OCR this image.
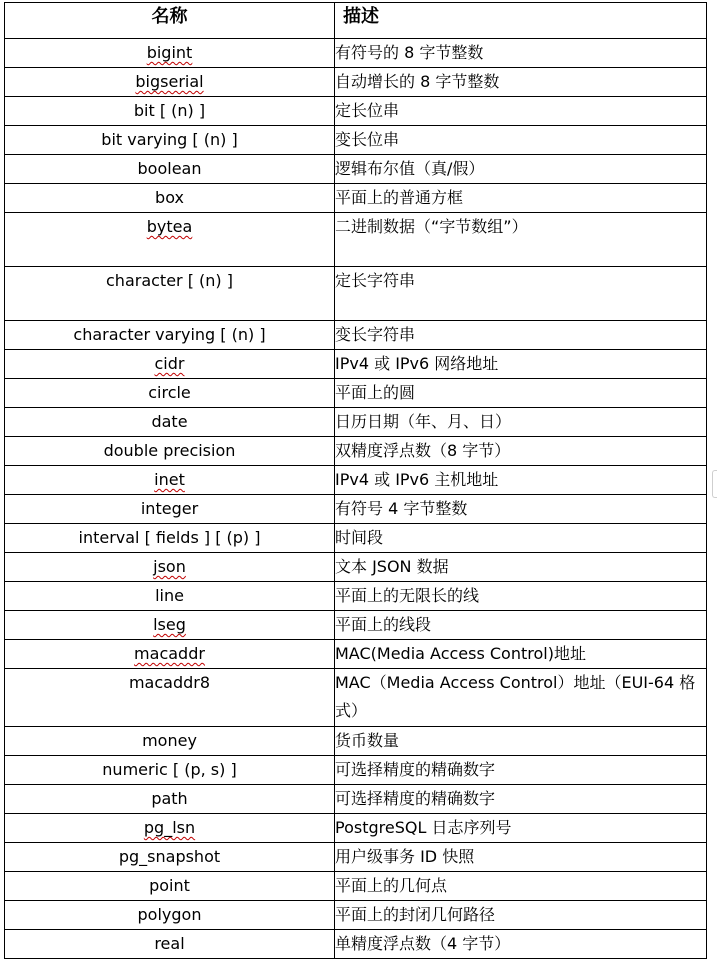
名称	描述
bigint	有符号的 8 字节整数
bigserial	自动增长的 8 字节整数
bit [ (n) ]	定长位串
bit varying [ (n) ]	变长位串
boolean	逻辑布尔值（真/假）
box	平面上的普通方框
bytea	二进制数据（“字节数组”）
character [ (n) ]	定长字符串
character varying [ (n) ]	变长字符串
cidr	IPv4 或 IPv6 网络地址
circle	平面上的圆
date	日历日期（年、月、日）
double precision	双精度浮点数（8 字节）
inet	IPv4 或 IPv6 主机地址
integer	有符号 4 字节整数
interval [ fields ] [ (p) ]	时间段
json	文本 JSON 数据
line	平面上的无限长的线
lseg	平面上的线段
macaddr	MAC(Media Access Control)地址
macaddr8	MAC（Media Access Control）地址（EUI-64 格式）
money	货币数量
numeric [ (p, s) ]	可选择精度的精确数字
path	可选择精度的精确数字
pg_lsn	PostgreSQL 日志序列号
pg_snapshot	用户级事务 ID 快照
point	平面上的几何点
polygon	平面上的封闭几何路径
real	单精度浮点数（4 字节）
